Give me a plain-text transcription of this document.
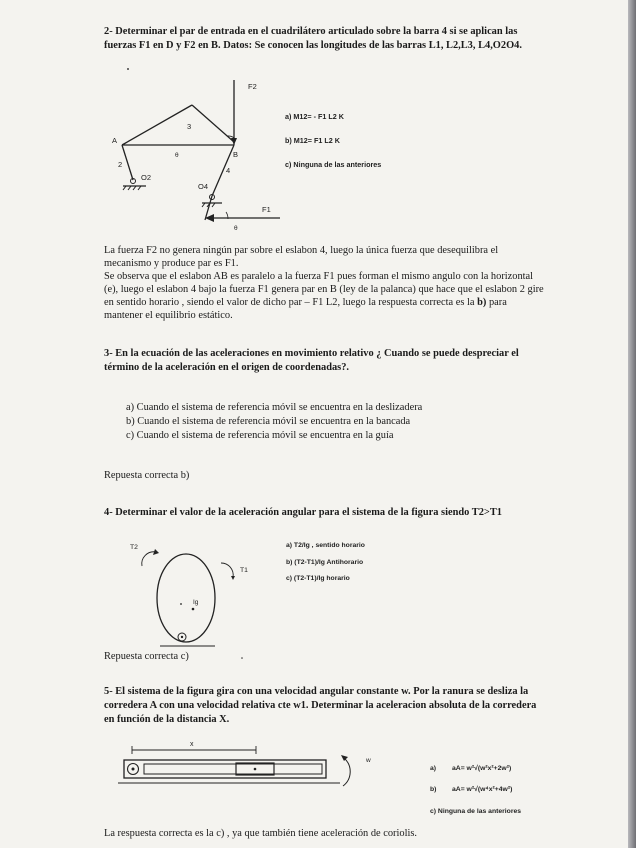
2- Determinar el par de entrada en el cuadrilátero articulado sobre la barra 4 si se aplican las
fuerzas F1 en D y F2 en B. Datos: Se conocen las longitudes de las barras L1, L2,L3, L4,O2O4.
F2
A
B
3
2
4
O2
O4
F1
θ
θ
a) M12= - F1 L2 K
b) M12= F1 L2 K
c) Ninguna de las anteriores
La fuerza F2 no genera ningún par sobre el eslabon 4, luego la única fuerza que desequilibra el
mecanismo y produce par es F1.
Se observa que el eslabon AB es paralelo a la fuerza F1 pues forman el mismo angulo con la horizontal
(e), luego el eslabon 4 bajo la fuerza F1 genera par en B (ley de la palanca) que hace que el eslabon 2 gire
en sentido horario , siendo el valor de dicho par – F1 L2, luego la respuesta correcta es la b) para
mantener el equilibrio estático.
3- En la ecuación de las aceleraciones en movimiento relativo ¿ Cuando se puede despreciar el
término de la aceleración en el origen de coordenadas?.
a) Cuando el sistema de referencia móvil se encuentra en la deslizadera
b) Cuando el sistema de referencia móvil se encuentra en la bancada
c) Cuando el sistema de referencia móvil se encuentra en la guía
Repuesta correcta b)
4- Determinar el valor de la aceleración angular para el sistema de la figura siendo T2>T1
T2
T1
Ig
a) T2/Ig , sentido horario
b) (T2-T1)/Ig Antihorario
c) (T2-T1)/Ig horario
Repuesta correcta c)
5- El sistema de la figura gira con una velocidad angular constante w. Por la ranura se desliza la
corredera A con una velocidad relativa cte w1. Determinar la aceleracion absoluta de la corredera
en función de la distancia X.
x
w
a) aA= w²√(w²x²+2w²)
b) aA= w²√(w⁴x²+4w²)
c) Ninguna de las anteriores
La respuesta correcta es la c) , ya que también tiene aceleración de coriolis.
